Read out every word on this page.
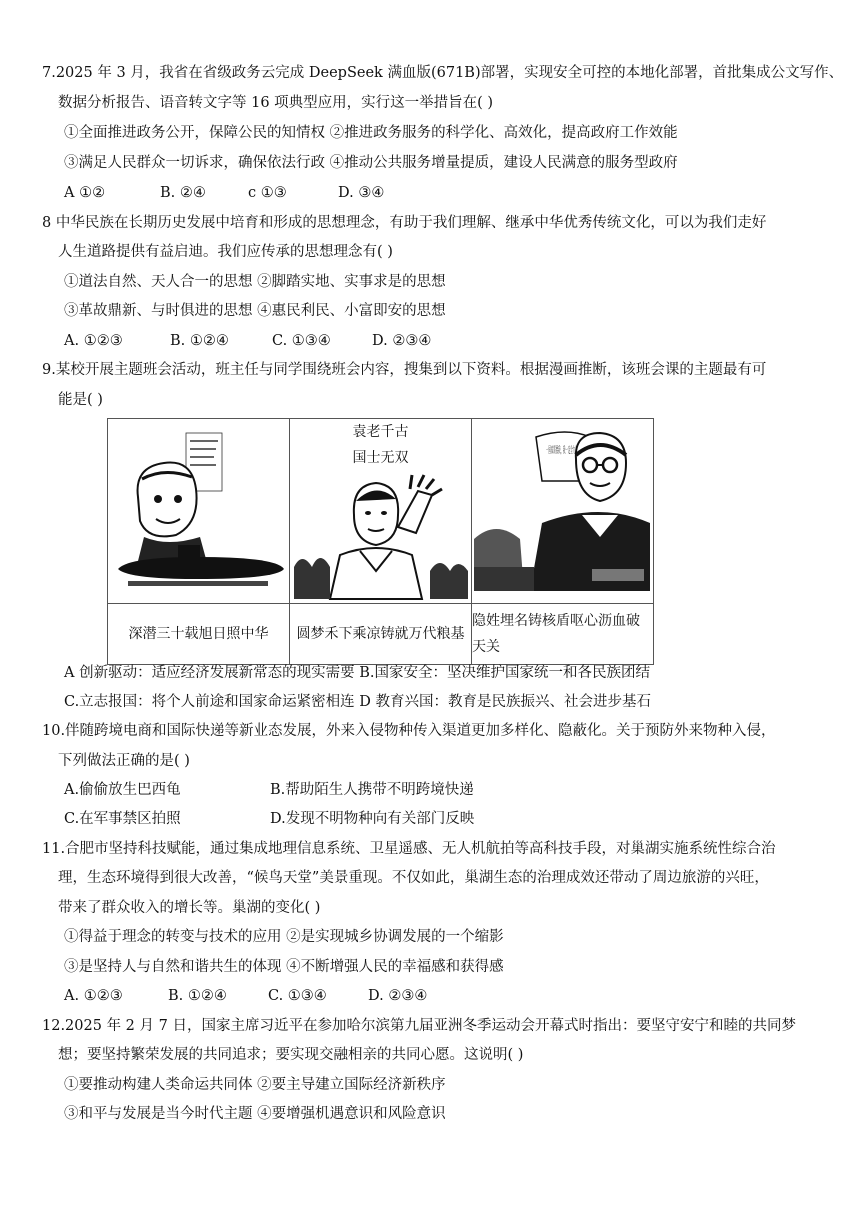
7.2025 年 3 月，我省在省级政务云完成 DeepSeek 满血版(671B)部署，实现安全可控的本地化部署，首批集成公文写作、
数据分析报告、语音转文字等 16 项典型应用，实行这一举措旨在( )
①全面推进政务公开，保障公民的知情权 ②推进政务服务的科学化、高效化，提高政府工作效能
③满足人民群众一切诉求，确保依法行政 ④推动公共服务增量提质，建设人民满意的服务型政府
A ①②	B. ②④	c ①③	D. ③④
8 中华民族在长期历史发展中培育和形成的思想理念，有助于我们理解、继承中华优秀传统文化，可以为我们走好
人生道路提供有益启迪。我们应传承的思想理念有( )
①道法自然、天人合一的思想 ②脚踏实地、实事求是的思想
③革故鼎新、与时俱进的思想 ④惠民利民、小富即安的思想
A. ①②③	B. ①②④	C. ①③④	D. ②③④
9.某校开展主题班会活动，班主任与同学围绕班会内容，搜集到以下资料。根据漫画推断，该班会课的主题最有可
能是( )

袁老千古
国士无双

深潜三十载旭日照中华	圆梦禾下乘凉铸就万代粮基	隐姓埋名铸核盾呕心沥血破天关
A 创新驱动：适应经济发展新常态的现实需要 B.国家安全：坚决维护国家统一和各民族团结
C.立志报国：将个人前途和国家命运紧密相连 D 教育兴国：教育是民族振兴、社会进步基石
10.伴随跨境电商和国际快递等新业态发展，外来入侵物种传入渠道更加多样化、隐蔽化。关于预防外来物种入侵，
下列做法正确的是( )
A.偷偷放生巴西龟	B.帮助陌生人携带不明跨境快递
C.在军事禁区拍照	D.发现不明物种向有关部门反映
11.合肥市坚持科技赋能，通过集成地理信息系统、卫星遥感、无人机航拍等高科技手段，对巢湖实施系统性综合治
理，生态环境得到很大改善，“候鸟天堂”美景重现。不仅如此，巢湖生态的治理成效还带动了周边旅游的兴旺，
带来了群众收入的增长等。巢湖的变化( )
①得益于理念的转变与技术的应用 ②是实现城乡协调发展的一个缩影
③是坚持人与自然和谐共生的体现 ④不断增强人民的幸福感和获得感
A. ①②③	B. ①②④	C. ①③④	D. ②③④
12.2025 年 2 月 7 日，国家主席习近平在参加哈尔滨第九届亚洲冬季运动会开幕式时指出：要坚守安宁和睦的共同梦
想；要坚持繁荣发展的共同追求；要实现交融相亲的共同心愿。这说明( )
①要推动构建人类命运共同体 ②要主导建立国际经济新秩序
③和平与发展是当今时代主题 ④要增强机遇意识和风险意识
